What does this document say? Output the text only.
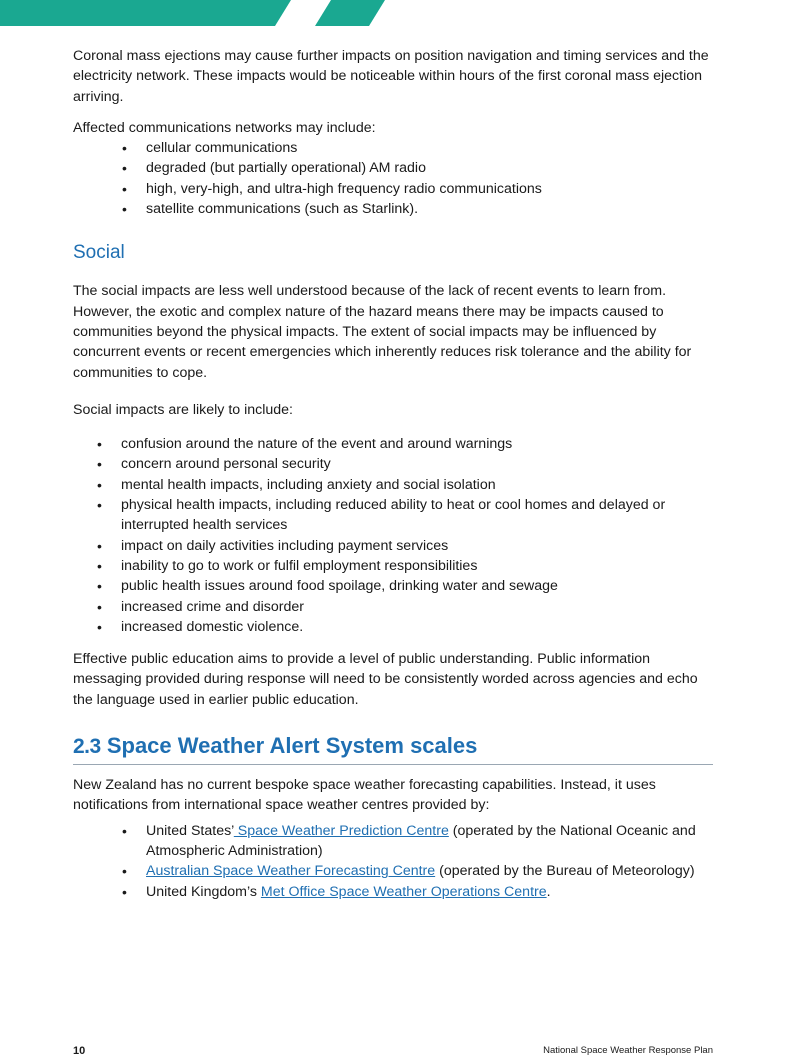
Coronal mass ejections may cause further impacts on position navigation and timing services and the electricity network. These impacts would be noticeable within hours of the first coronal mass ejection arriving.

Affected communications networks may include:

• cellular communications
• degraded (but partially operational) AM radio
• high, very-high, and ultra-high frequency radio communications
• satellite communications (such as Starlink).
Social

The social impacts are less well understood because of the lack of recent events to learn from. However, the exotic and complex nature of the hazard means there may be impacts caused to communities beyond the physical impacts. The extent of social impacts may be influenced by concurrent events or recent emergencies which inherently reduces risk tolerance and the ability for communities to cope.

Social impacts are likely to include:

• confusion around the nature of the event and around warnings
• concern around personal security
• mental health impacts, including anxiety and social isolation
• physical health impacts, including reduced ability to heat or cool homes and delayed or interrupted health services
• impact on daily activities including payment services
• inability to go to work or fulfil employment responsibilities
• public health issues around food spoilage, drinking water and sewage
• increased crime and disorder
• increased domestic violence.

Effective public education aims to provide a level of public understanding. Public information messaging provided during response will need to be consistently worded across agencies and echo the language used in earlier public education.

2.3 Space Weather Alert System scales

New Zealand has no current bespoke space weather forecasting capabilities. Instead, it uses notifications from international space weather centres provided by:

• United States’ Space Weather Prediction Centre (operated by the National Oceanic and Atmospheric Administration)
• Australian Space Weather Forecasting Centre (operated by the Bureau of Meteorology)
• United Kingdom’s Met Office Space Weather Operations Centre.
10	National Space Weather Response Plan
